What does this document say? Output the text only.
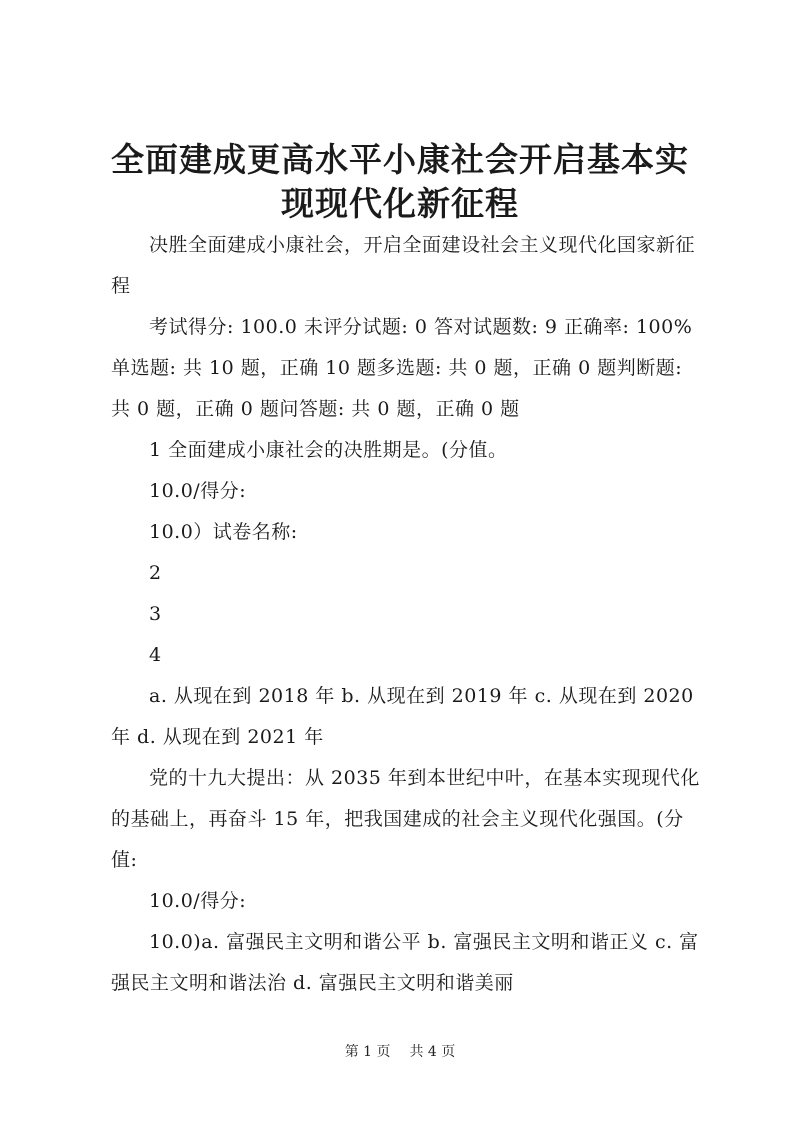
全面建成更高水平小康社会开启基本实现现代化新征程

决胜全面建成小康社会，开启全面建设社会主义现代化国家新征程

考试得分: 100.0 未评分试题: 0 答对试题数: 9 正确率: 100% 单选题: 共 10 题，正确 10 题多选题: 共 0 题，正确 0 题判断题: 共 0 题，正确 0 题问答题: 共 0 题，正确 0 题

1 全面建成小康社会的决胜期是。(分值。

10.0/得分:

10.0）试卷名称:

2

3

4

a. 从现在到 2018 年 b. 从现在到 2019 年 c. 从现在到 2020 年 d. 从现在到 2021 年

党的十九大提出：从 2035 年到本世纪中叶，在基本实现现代化的基础上，再奋斗 15 年，把我国建成的社会主义现代化强国。(分值:

10.0/得分:

10.0)a. 富强民主文明和谐公平 b. 富强民主文明和谐正义 c. 富强民主文明和谐法治 d. 富强民主文明和谐美丽

第 1 页 共 4 页
